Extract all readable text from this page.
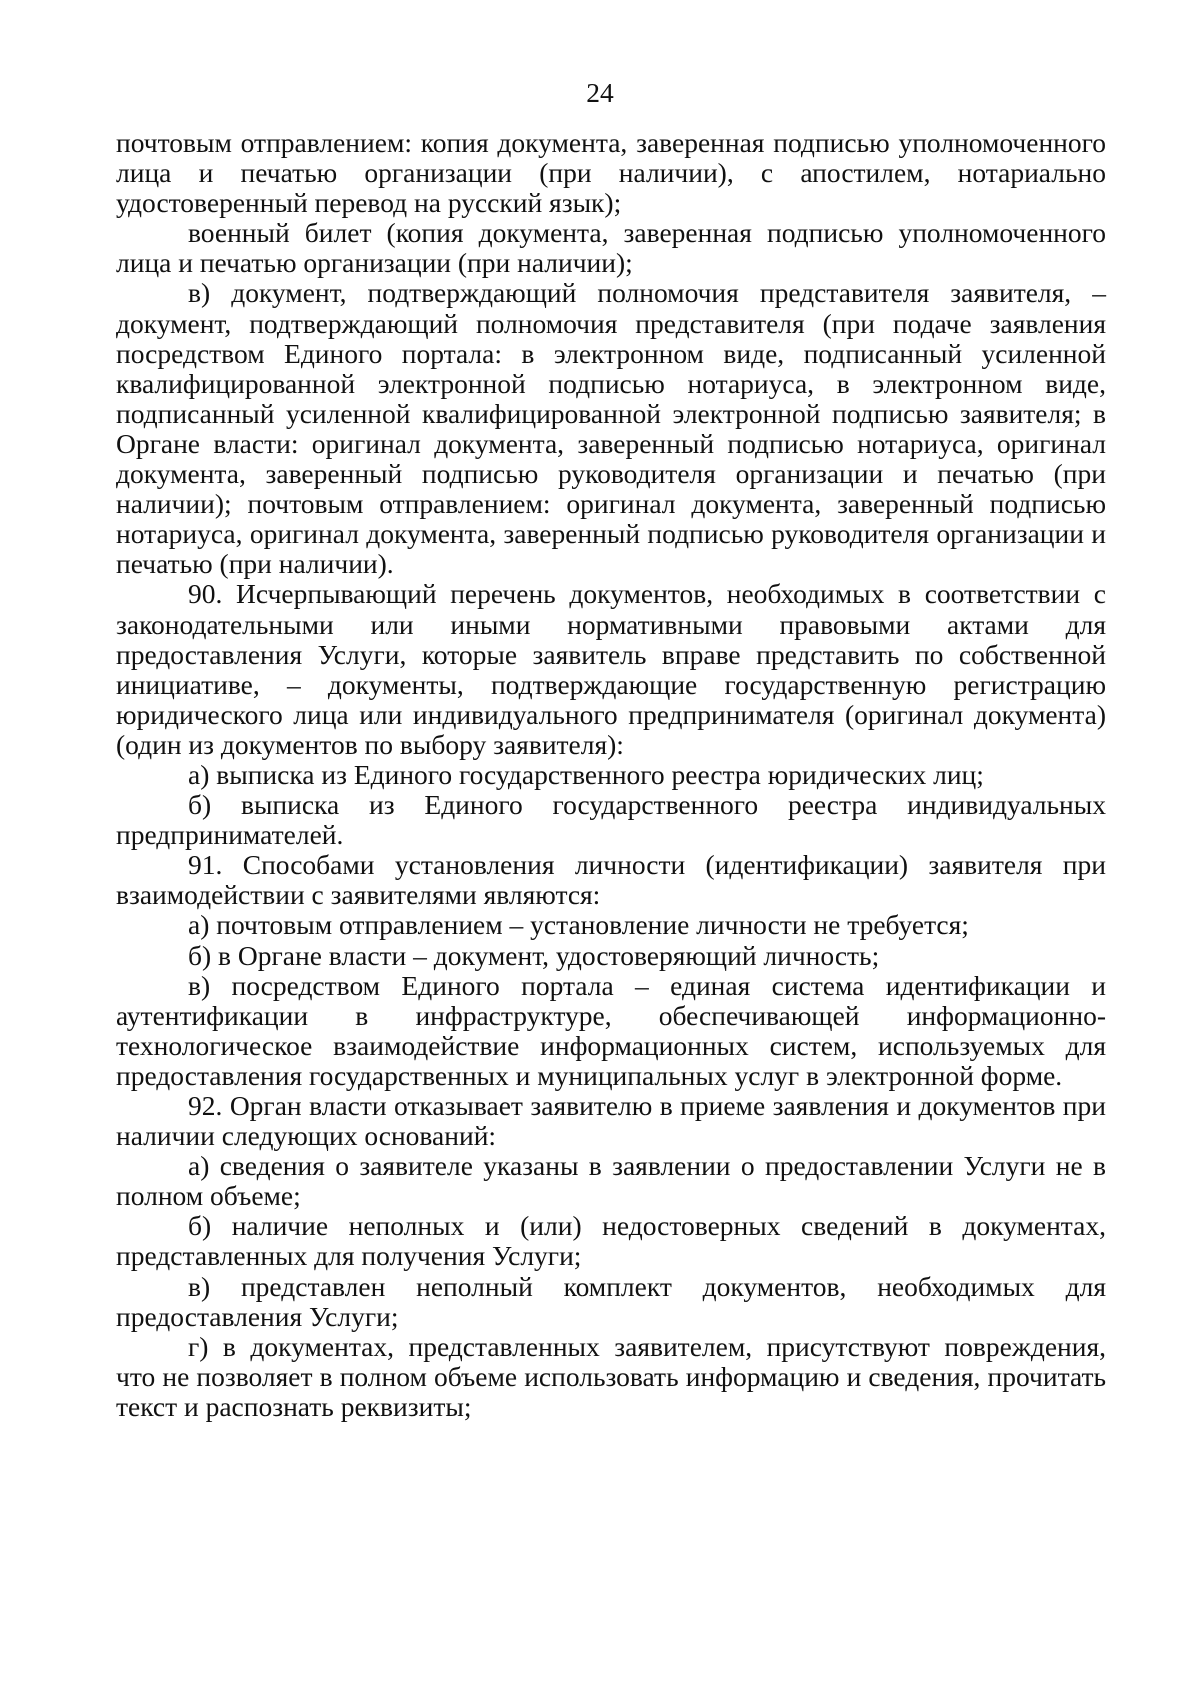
24

почтовым отправлением: копия документа, заверенная подписью уполномоченного лица и печатью организации (при наличии), с апостилем, нотариально удостоверенный перевод на русский язык);

военный билет (копия документа, заверенная подписью уполномоченного лица и печатью организации (при наличии);

в) документ, подтверждающий полномочия представителя заявителя, – документ, подтверждающий полномочия представителя (при подаче заявления посредством Единого портала: в электронном виде, подписанный усиленной квалифицированной электронной подписью нотариуса, в электронном виде, подписанный усиленной квалифицированной электронной подписью заявителя; в Органе власти: оригинал документа, заверенный подписью нотариуса, оригинал документа, заверенный подписью руководителя организации и печатью (при наличии); почтовым отправлением: оригинал документа, заверенный подписью нотариуса, оригинал документа, заверенный подписью руководителя организации и печатью (при наличии).

90. Исчерпывающий перечень документов, необходимых в соответствии с законодательными или иными нормативными правовыми актами для предоставления Услуги, которые заявитель вправе представить по собственной инициативе, – документы, подтверждающие государственную регистрацию юридического лица или индивидуального предпринимателя (оригинал документа) (один из документов по выбору заявителя):

а) выписка из Единого государственного реестра юридических лиц;

б) выписка из Единого государственного реестра индивидуальных предпринимателей.

91. Способами установления личности (идентификации) заявителя при взаимодействии с заявителями являются:

а) почтовым отправлением – установление личности не требуется;

б) в Органе власти – документ, удостоверяющий личность;

в) посредством Единого портала – единая система идентификации и аутентификации в инфраструктуре, обеспечивающей информационно-технологическое взаимодействие информационных систем, используемых для предоставления государственных и муниципальных услуг в электронной форме.

92. Орган власти отказывает заявителю в приеме заявления и документов при наличии следующих оснований:

а) сведения о заявителе указаны в заявлении о предоставлении Услуги не в полном объеме;

б) наличие неполных и (или) недостоверных сведений в документах, представленных для получения Услуги;

в) представлен неполный комплект документов, необходимых для предоставления Услуги;

г) в документах, представленных заявителем, присутствуют повреждения, что не позволяет в полном объеме использовать информацию и сведения, прочитать текст и распознать реквизиты;
